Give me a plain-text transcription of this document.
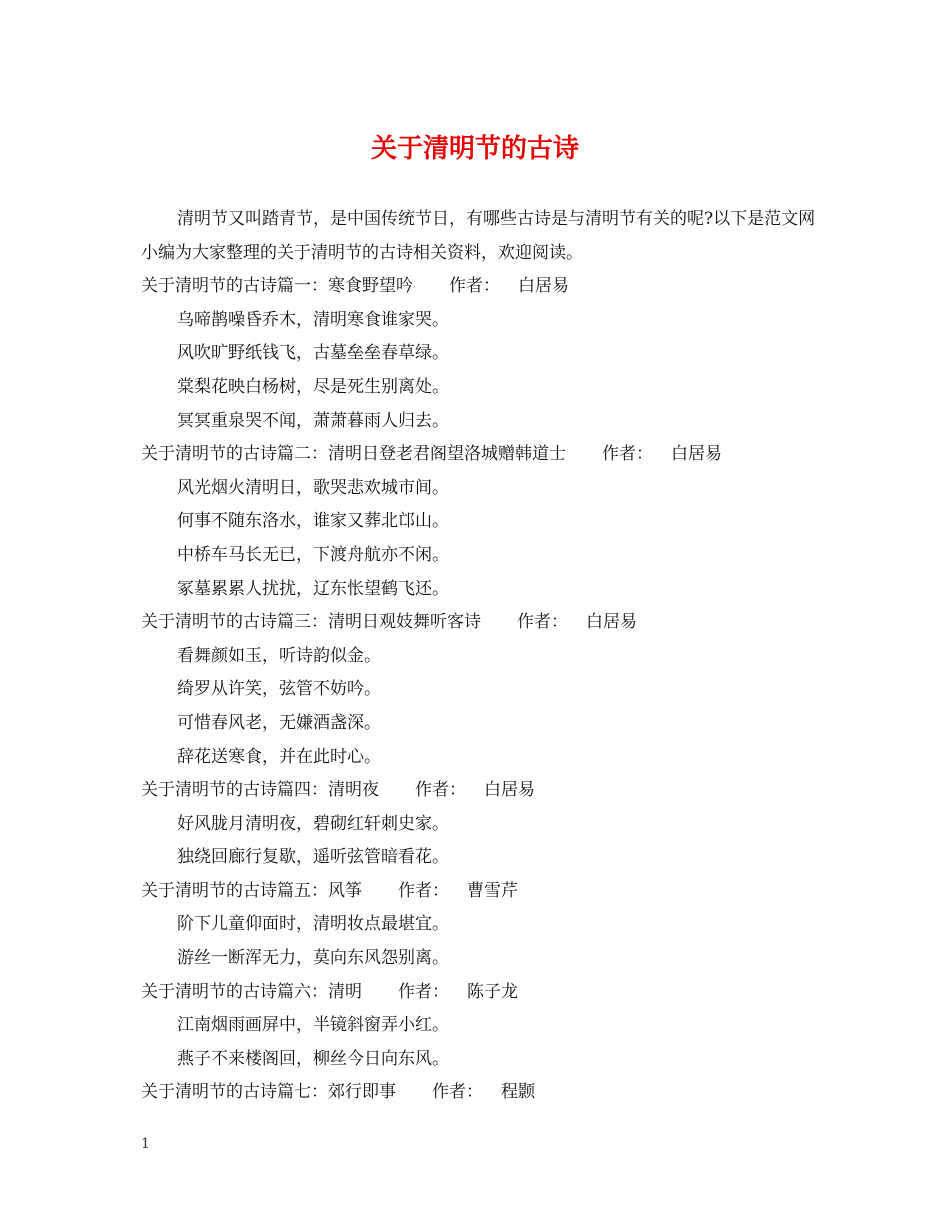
关于清明节的古诗

清明节又叫踏青节，是中国传统节日，有哪些古诗是与清明节有关的呢?以下是范文网小编为大家整理的关于清明节的古诗相关资料，欢迎阅读。

关于清明节的古诗篇一：寒食野望吟 作者： 白居易

乌啼鹊噪昏乔木，清明寒食谁家哭。

风吹旷野纸钱飞，古墓垒垒春草绿。

棠梨花映白杨树，尽是死生别离处。

冥冥重泉哭不闻，萧萧暮雨人归去。

关于清明节的古诗篇二：清明日登老君阁望洛城赠韩道士 作者： 白居易

风光烟火清明日，歌哭悲欢城市间。

何事不随东洛水，谁家又葬北邙山。

中桥车马长无已，下渡舟航亦不闲。

冢墓累累人扰扰，辽东怅望鹤飞还。

关于清明节的古诗篇三：清明日观妓舞听客诗 作者： 白居易

看舞颜如玉，听诗韵似金。

绮罗从许笑，弦管不妨吟。

可惜春风老，无嫌酒盏深。

辞花送寒食，并在此时心。

关于清明节的古诗篇四：清明夜 作者： 白居易

好风胧月清明夜，碧砌红轩刺史家。

独绕回廊行复歇，遥听弦管暗看花。

关于清明节的古诗篇五：风筝 作者： 曹雪芹

阶下儿童仰面时，清明妆点最堪宜。

游丝一断浑无力，莫向东风怨别离。

关于清明节的古诗篇六：清明 作者： 陈子龙

江南烟雨画屏中，半镜斜窗弄小红。

燕子不来楼阁回，柳丝今日向东风。

关于清明节的古诗篇七：郊行即事 作者： 程颢

1
